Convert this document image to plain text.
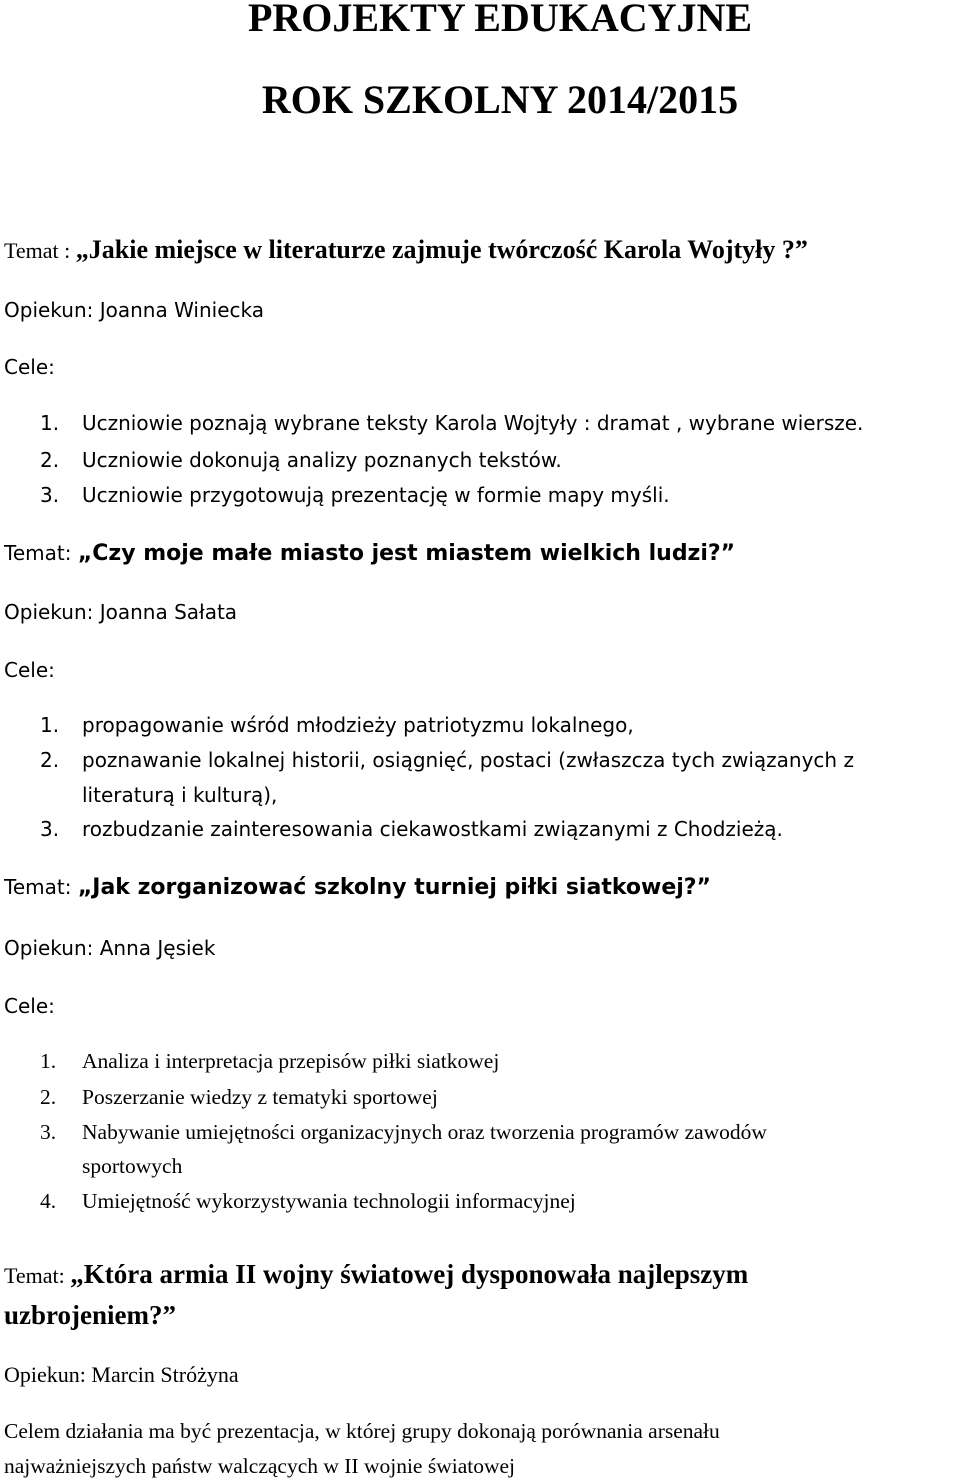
PROJEKTY EDUKACYJNE
ROK SZKOLNY 2014/2015
Temat : „Jakie miejsce w literaturze zajmuje twórczość Karola Wojtyły ?”
Opiekun: Joanna Winiecka
Cele:
1. Uczniowie poznają wybrane teksty Karola Wojtyły : dramat , wybrane wiersze.
2. Uczniowie dokonują analizy poznanych tekstów.
3. Uczniowie przygotowują prezentację w formie mapy myśli.
Temat: „Czy moje małe miasto jest miastem wielkich ludzi?”
Opiekun: Joanna Sałata
Cele:
1. propagowanie wśród młodzieży patriotyzmu lokalnego,
2. poznawanie lokalnej historii, osiągnięć, postaci (zwłaszcza tych związanych z
literaturą i kulturą),
3. rozbudzanie zainteresowania ciekawostkami związanymi z Chodzieżą.
Temat: „Jak zorganizować szkolny turniej piłki siatkowej?”
Opiekun: Anna Jęsiek
Cele:
1. Analiza i interpretacja przepisów piłki siatkowej
2. Poszerzanie wiedzy z tematyki sportowej
3. Nabywanie umiejętności organizacyjnych oraz tworzenia programów zawodów
sportowych
4. Umiejętność wykorzystywania technologii informacyjnej
Temat: „Która armia II wojny światowej dysponowała najlepszym
uzbrojeniem?”
Opiekun: Marcin Stróżyna
Celem działania ma być prezentacja, w której grupy dokonają porównania arsenału
najważniejszych państw walczących w II wojnie światowej
